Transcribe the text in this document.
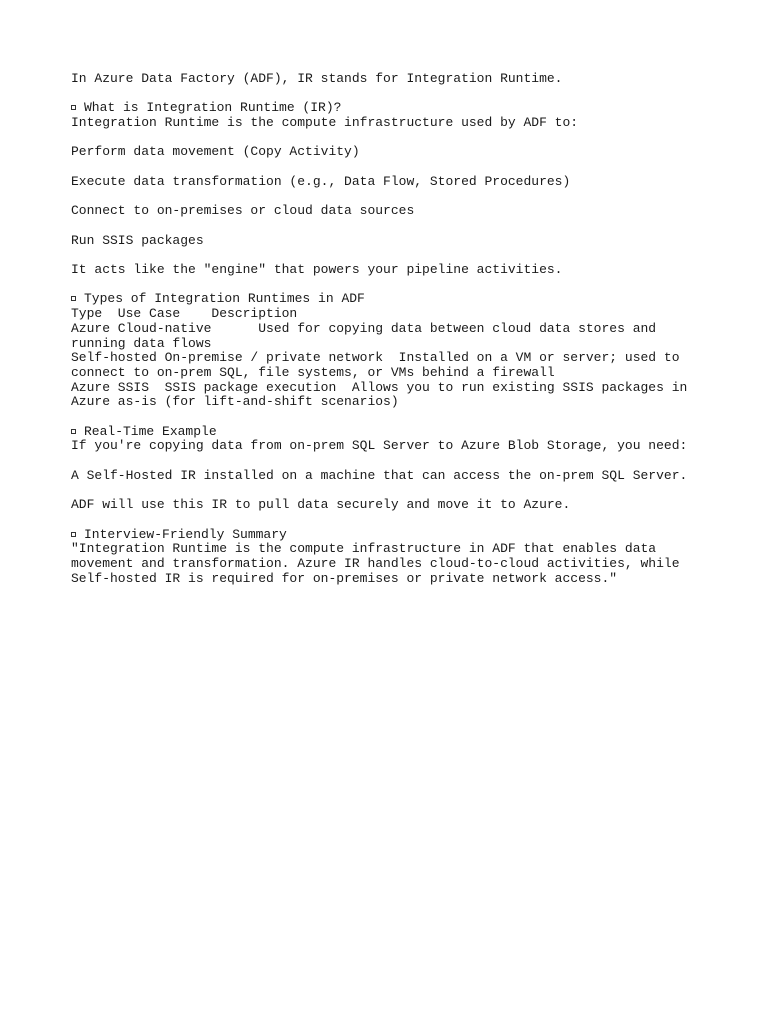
In Azure Data Factory (ADF), IR stands for Integration Runtime.

What is Integration Runtime (IR)?

Integration Runtime is the compute infrastructure used by ADF to:

Perform data movement (Copy Activity)

Execute data transformation (e.g., Data Flow, Stored Procedures)

Connect to on-premises or cloud data sources

Run SSIS packages

It acts like the "engine" that powers your pipeline activities.

Types of Integration Runtimes in ADF

Type  Use Case    Description

Azure Cloud-native      Used for copying data between cloud data stores and running data flows

Self-hosted On-premise / private network  Installed on a VM or server; used to connect to on-prem SQL, file systems, or VMs behind a firewall

Azure SSIS  SSIS package execution  Allows you to run existing SSIS packages in Azure as-is (for lift-and-shift scenarios)

Real-Time Example

If you're copying data from on-prem SQL Server to Azure Blob Storage, you need:

A Self-Hosted IR installed on a machine that can access the on-prem SQL Server.

ADF will use this IR to pull data securely and move it to Azure.

Interview-Friendly Summary

"Integration Runtime is the compute infrastructure in ADF that enables data movement and transformation. Azure IR handles cloud-to-cloud activities, while Self-hosted IR is required for on-premises or private network access."
